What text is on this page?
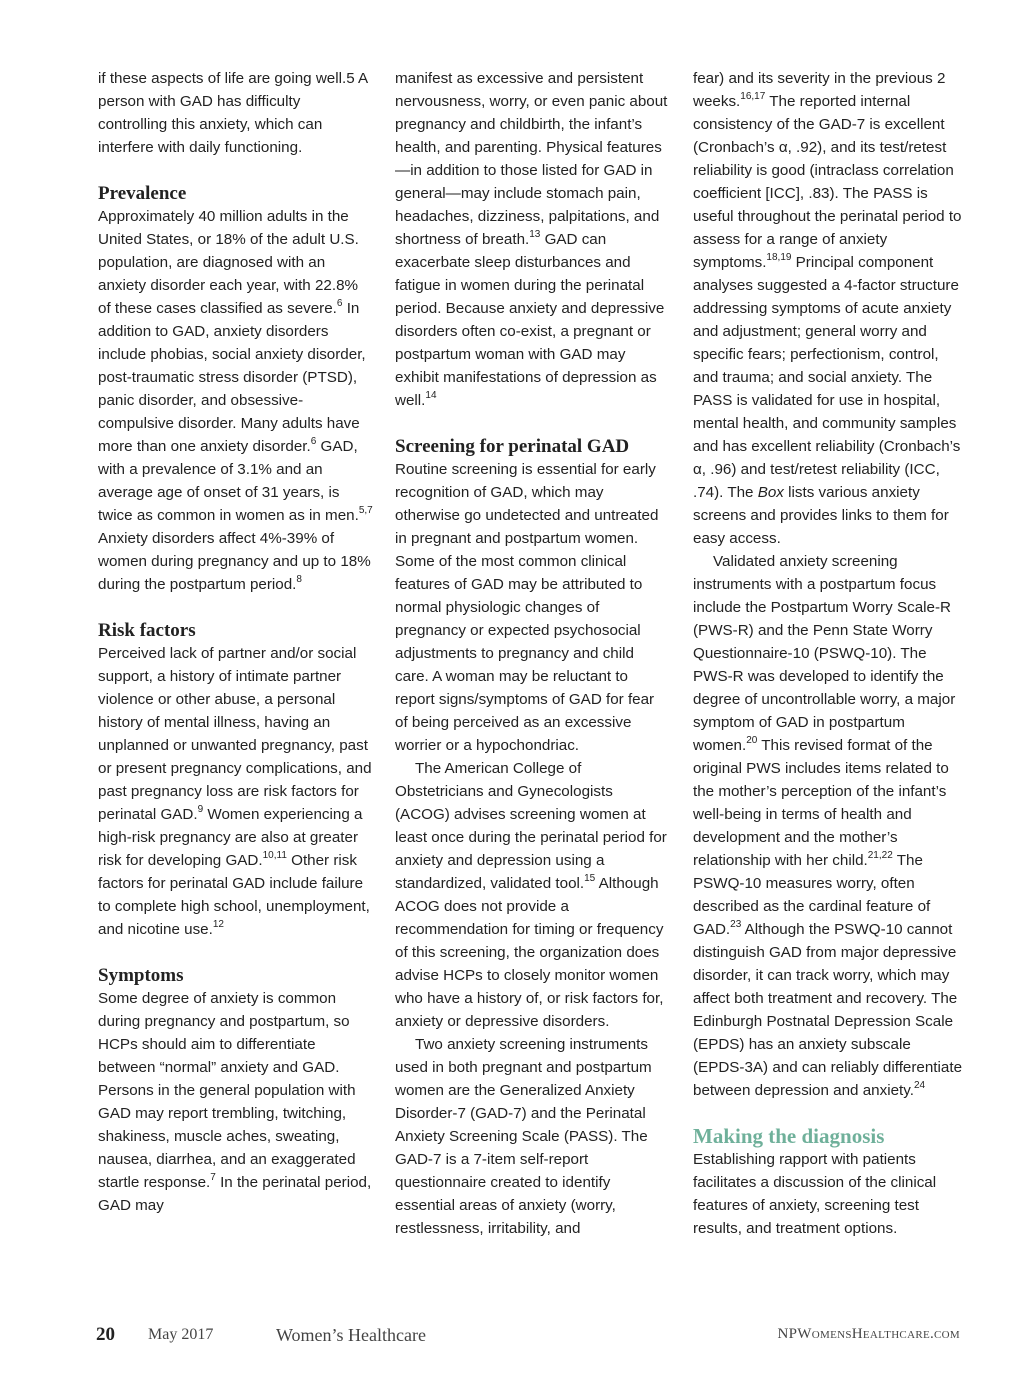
if these aspects of life are going well.5 A person with GAD has difficulty controlling this anxiety, which can interfere with daily functioning.

Prevalence

Approximately 40 million adults in the United States, or 18% of the adult U.S. population, are diagnosed with an anxiety disorder each year, with 22.8% of these cases classified as severe.$^6$ In addition to GAD, anxiety disorders include phobias, social anxiety disorder, post-traumatic stress disorder (PTSD), panic disorder, and obsessive-compulsive disorder. Many adults have more than one anxiety disorder.$^6$ GAD, with a prevalence of 3.1% and an average age of onset of 31 years, is twice as common in women as in men.$^{5,7}$ Anxiety disorders affect 4%-39% of women during pregnancy and up to 18% during the postpartum period.$^8$

Risk factors

Perceived lack of partner and/or social support, a history of intimate partner violence or other abuse, a personal history of mental illness, having an unplanned or unwanted pregnancy, past or present pregnancy complications, and past pregnancy loss are risk factors for perinatal GAD.$^9$ Women experiencing a high-risk pregnancy are also at greater risk for developing GAD.$^{10,11}$ Other risk factors for perinatal GAD include failure to complete high school, unemployment, and nicotine use.$^{12}$

Symptoms

Some degree of anxiety is common during pregnancy and postpartum, so HCPs should aim to differentiate between “normal” anxiety and GAD. Persons in the general population with GAD may report trembling, twitching, shakiness, muscle aches, sweating, nausea, diarrhea, and an exaggerated startle response.$^7$ In the perinatal period, GAD may

manifest as excessive and persistent nervousness, worry, or even panic about pregnancy and childbirth, the infant’s health, and parenting. Physical features—in addition to those listed for GAD in general—may include stomach pain, headaches, dizziness, palpitations, and shortness of breath.$^{13}$ GAD can exacerbate sleep disturbances and fatigue in women during the perinatal period. Because anxiety and depressive disorders often co-exist, a pregnant or postpartum woman with GAD may exhibit manifestations of depression as well.$^{14}$

Screening for perinatal GAD

Routine screening is essential for early recognition of GAD, which may otherwise go undetected and untreated in pregnant and postpartum women. Some of the most common clinical features of GAD may be attributed to normal physiologic changes of pregnancy or expected psychosocial adjustments to pregnancy and child care. A woman may be reluctant to report signs/symptoms of GAD for fear of being perceived as an excessive worrier or a hypochondriac.

The American College of Obstetricians and Gynecologists (ACOG) advises screening women at least once during the perinatal period for anxiety and depression using a standardized, validated tool.$^{15}$ Although ACOG does not provide a recommendation for timing or frequency of this screening, the organization does advise HCPs to closely monitor women who have a history of, or risk factors for, anxiety or depressive disorders.

Two anxiety screening instruments used in both pregnant and postpartum women are the Generalized Anxiety Disorder-7 (GAD-7) and the Perinatal Anxiety Screening Scale (PASS). The GAD-7 is a 7-item self-report questionnaire created to identify essential areas of anxiety (worry, restlessness, irritability, and

fear) and its severity in the previous 2 weeks.$^{16,17}$ The reported internal consistency of the GAD-7 is excellent (Cronbach’s α, .92), and its test/retest reliability is good (intraclass correlation coefficient [ICC], .83). The PASS is useful throughout the perinatal period to assess for a range of anxiety symptoms.$^{18,19}$ Principal component analyses suggested a 4-factor structure addressing symptoms of acute anxiety and adjustment; general worry and specific fears; perfectionism, control, and trauma; and social anxiety. The PASS is validated for use in hospital, mental health, and community samples and has excellent reliability (Cronbach’s α, .96) and test/retest reliability (ICC, .74). The Box lists various anxiety screens and provides links to them for easy access.

Validated anxiety screening instruments with a postpartum focus include the Postpartum Worry Scale-R (PWS-R) and the Penn State Worry Questionnaire-10 (PSWQ-10). The PWS-R was developed to identify the degree of uncontrollable worry, a major symptom of GAD in postpartum women.$^{20}$ This revised format of the original PWS includes items related to the mother’s perception of the infant’s well-being in terms of health and development and the mother’s relationship with her child.$^{21,22}$ The PSWQ-10 measures worry, often described as the cardinal feature of GAD.$^{23}$ Although the PSWQ-10 cannot distinguish GAD from major depressive disorder, it can track worry, which may affect both treatment and recovery. The Edinburgh Postnatal Depression Scale (EPDS) has an anxiety subscale (EPDS-3A) and can reliably differentiate between depression and anxiety.$^{24}$

Making the diagnosis

Establishing rapport with patients facilitates a discussion of the clinical features of anxiety, screening test results, and treatment options.

20 May 2017	Women’s Healthcare	NPWomensHealthcare.com
